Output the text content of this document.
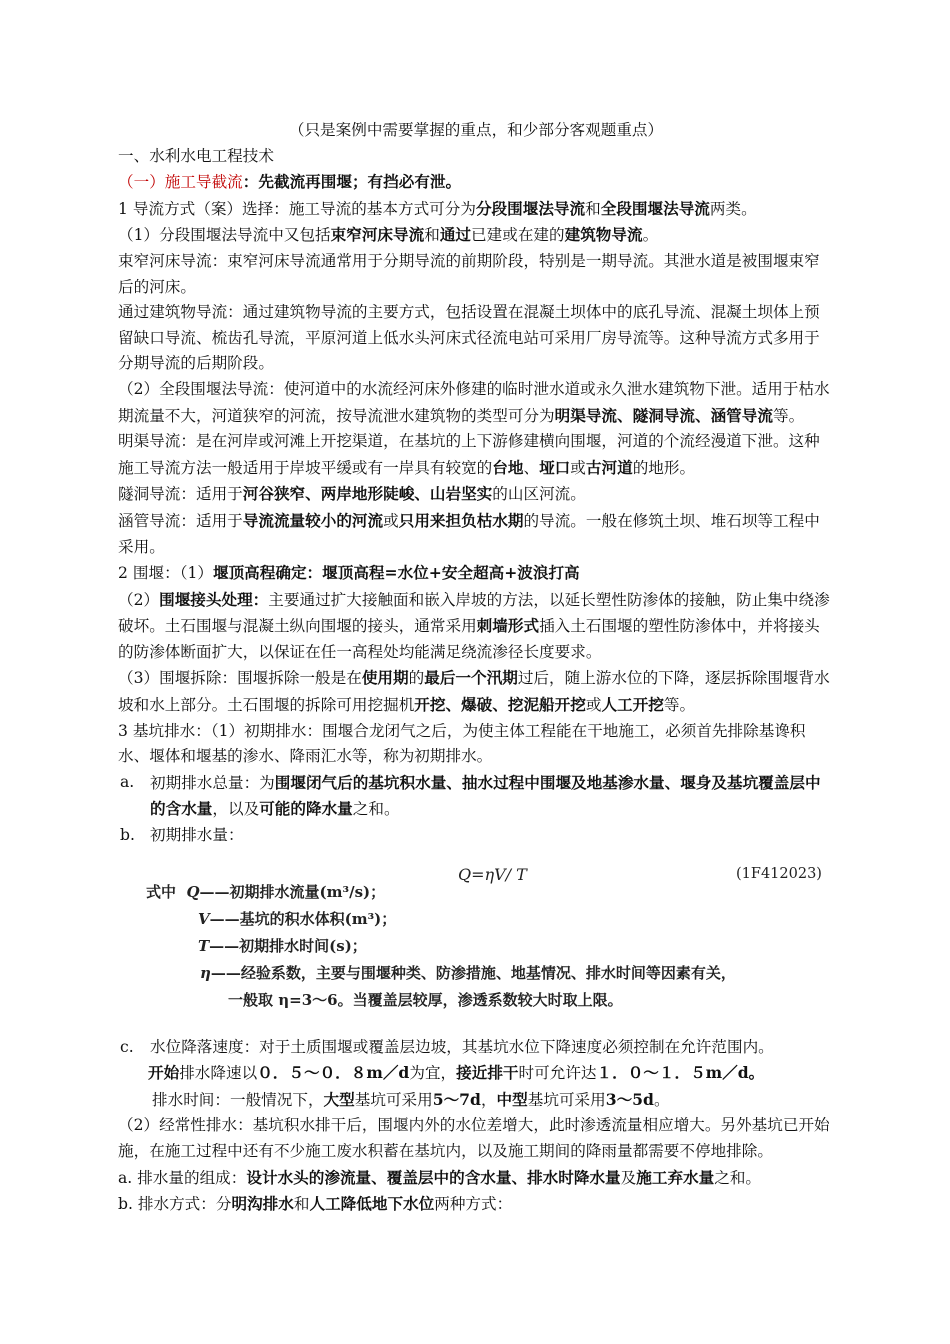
（只是案例中需要掌握的重点，和少部分客观题重点）
一、水利水电工程技术
（一）施工导截流：先截流再围堰；有挡必有泄。
1 导流方式（案）选择：施工导流的基本方式可分为分段围堰法导流和全段围堰法导流两类。
（1）分段围堰法导流中又包括束窄河床导流和通过已建或在建的建筑物导流。
束窄河床导流：束窄河床导流通常用于分期导流的前期阶段，特别是一期导流。其泄水道是被围堰束窄后的河床。
通过建筑物导流：通过建筑物导流的主要方式，包括设置在混凝土坝体中的底孔导流、混凝土坝体上预留缺口导流、梳齿孔导流，平原河道上低水头河床式径流电站可采用厂房导流等。这种导流方式多用于分期导流的后期阶段。
（2）全段围堰法导流：使河道中的水流经河床外修建的临时泄水道或永久泄水建筑物下泄。适用于枯水期流量不大，河道狭窄的河流，按导流泄水建筑物的类型可分为明渠导流、隧洞导流、涵管导流等。
明渠导流：是在河岸或河滩上开挖渠道，在基坑的上下游修建横向围堰，河道的个流经漫道下泄。这种施工导流方法一般适用于岸坡平缓或有一岸具有较宽的台地、垭口或古河道的地形。
隧洞导流：适用于河谷狭窄、两岸地形陡峻、山岩坚实的山区河流。
涵管导流：适用于导流流量较小的河流或只用来担负枯水期的导流。一般在修筑土坝、堆石坝等工程中采用。
2 围堰：（1）堰顶高程确定：堰顶高程=水位+安全超高+波浪打高
（2）围堰接头处理：主要通过扩大接触面和嵌入岸坡的方法，以延长塑性防渗体的接触，防止集中绕渗破坏。土石围堰与混凝土纵向围堰的接头，通常采用刺墙形式插入土石围堰的塑性防渗体中，并将接头的防渗体断面扩大，以保证在任一高程处均能满足绕流渗径长度要求。
（3）围堰拆除：围堰拆除一般是在使用期的最后一个汛期过后，随上游水位的下降，逐层拆除围堰背水坡和水上部分。土石围堰的拆除可用挖掘机开挖、爆破、挖泥船开挖或人工开挖等。
3 基坑排水：（1）初期排水：围堰合龙闭气之后，为使主体工程能在干地施工，必须首先排除基谗积水、堰体和堰基的渗水、降雨汇水等，称为初期排水。
a.	初期排水总量：为围堰闭气后的基坑积水量、抽水过程中围堰及地基渗水量、堰身及基坑覆盖层中的含水量，以及可能的降水量之和。
b. 初期排水量：
Q=ηV/ T	(1F412023)
式中 Q——初期排水流量(m³/s)；
V——基坑的积水体积(m³)；
T——初期排水时间(s)；
η——经验系数，主要与围堰种类、防渗措施、地基情况、排水时间等因素有关，
一般取 η=3～6。当覆盖层较厚，渗透系数较大时取上限。
c.	水位降落速度：对于土质围堰或覆盖层边坡，其基坑水位下降速度必须控制在允许范围内。
开始排水降速以０．５～０．８m／d为宜，接近排干时可允许达１．０～１．５m／d。
排水时间：一般情况下，大型基坑可采用5～7d，中型基坑可采用3～5d。
（2）经常性排水：基坑积水排干后，围堰内外的水位差增大，此时渗透流量相应增大。另外基坑已开始施，在施工过程中还有不少施工废水积蓄在基坑内，以及施工期间的降雨量都需要不停地排除。
a. 排水量的组成：设计水头的渗流量、覆盖层中的含水量、排水时降水量及施工弃水量之和。
b. 排水方式：分明沟排水和人工降低地下水位两种方式：
